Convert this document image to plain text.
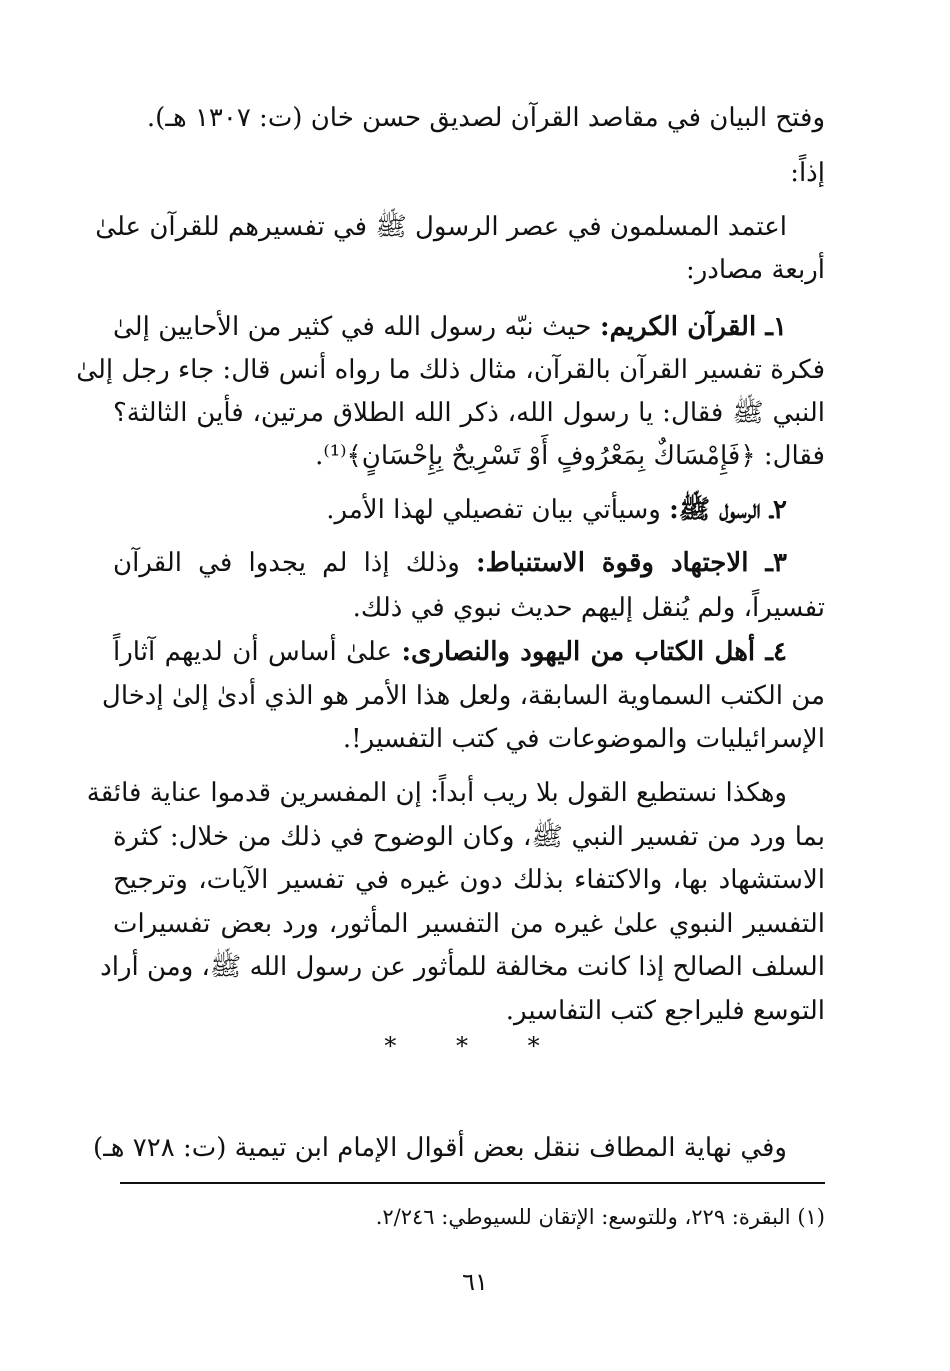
وفتح البيان في مقاصد القرآن لصديق حسن خان (ت: ١٣٠٧ هـ).
إذاً:
اعتمد المسلمون في عصر الرسول ﷺ في تفسيرهم للقرآن علىٰ
أربعة مصادر:
١ـ القرآن الكريم: حيث نبّه رسول الله في كثير من الأحايين إلىٰ
فكرة تفسير القرآن بالقرآن، مثال ذلك ما رواه أنس قال: جاء رجل إلىٰ
النبي ﷺ فقال: يا رسول الله، ذكر الله الطلاق مرتين، فأين الثالثة؟
فقال: ﴿فَإِمْسَاكٌ بِمَعْرُوفٍ أَوْ تَسْرِيحٌ بِإِحْسَانٍ﴾⁽¹⁾.
٢ـ الرسول ﷺ: وسيأتي بيان تفصيلي لهذا الأمر.
٣ـ الاجتهاد وقوة الاستنباط: وذلك إذا لم يجدوا في القرآن
تفسيراً، ولم يُنقل إليهم حديث نبوي في ذلك.
٤ـ أهل الكتاب من اليهود والنصارى: علىٰ أساس أن لديهم آثاراً
من الكتب السماوية السابقة، ولعل هذا الأمر هو الذي أدىٰ إلىٰ إدخال
الإسرائيليات والموضوعات في كتب التفسير!.
وهكذا نستطيع القول بلا ريب أبداً: إن المفسرين قدموا عناية فائقة
بما ورد من تفسير النبي ﷺ، وكان الوضوح في ذلك من خلال: كثرة
الاستشهاد بها، والاكتفاء بذلك دون غيره في تفسير الآيات، وترجيح
التفسير النبوي علىٰ غيره من التفسير المأثور، ورد بعض تفسيرات
السلف الصالح إذا كانت مخالفة للمأثور عن رسول الله ﷺ، ومن أراد
التوسع فليراجع كتب التفاسير.
* * *
وفي نهاية المطاف ننقل بعض أقوال الإمام ابن تيمية (ت: ٧٢٨ هـ)
(١) البقرة: ٢٢٩، وللتوسع: الإتقان للسيوطي: ٢/٢٤٦.
٦١
